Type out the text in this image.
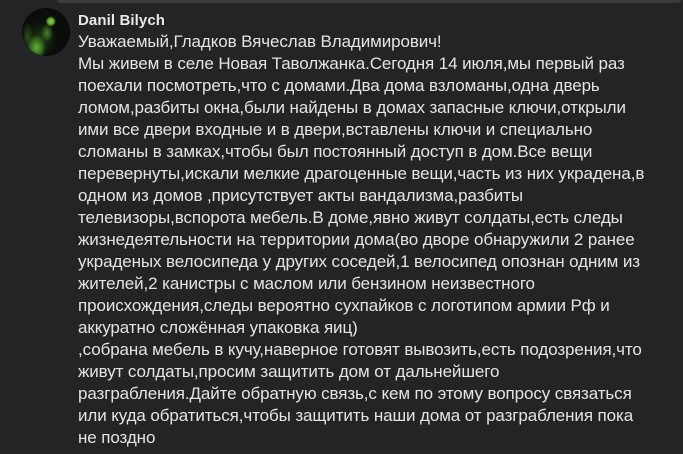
Danil Bilych
Уважаемый,Гладков Вячеслав Владимирович!
Мы живем в селе Новая Таволжанка.Сегодня 14 июля,мы первый раз
поехали посмотреть,что с домами.Два дома взломаны,одна дверь
ломом,разбиты окна,были найдены в домах запасные ключи,открыли
ими все двери входные и в двери,вставлены ключи и специально
сломаны в замках,чтобы был постоянный доступ в дом.Все вещи
перевернуты,искали мелкие драгоценные вещи,часть из них украдена,в
одном из домов ,присутствует акты вандализма,разбиты
телевизоры,вспорота мебель.В доме,явно живут солдаты,есть следы
жизнедеятельности на территории дома(во дворе обнаружили 2 ранее
украденых велосипеда у других соседей,1 велосипед опознан одним из
жителей,2 канистры с маслом или бензином неизвестного
происхождения,следы вероятно сухпайков с логотипом армии Рф и
аккуратно сложённая упаковка яиц)
,собрана мебель в кучу,наверное готовят вывозить,есть подозрения,что
живут солдаты,просим защитить дом от дальнейшего
разграбления.Дайте обратную связь,с кем по этому вопросу связаться
или куда обратиться,чтобы защитить наши дома от разграбления пока
не поздно
